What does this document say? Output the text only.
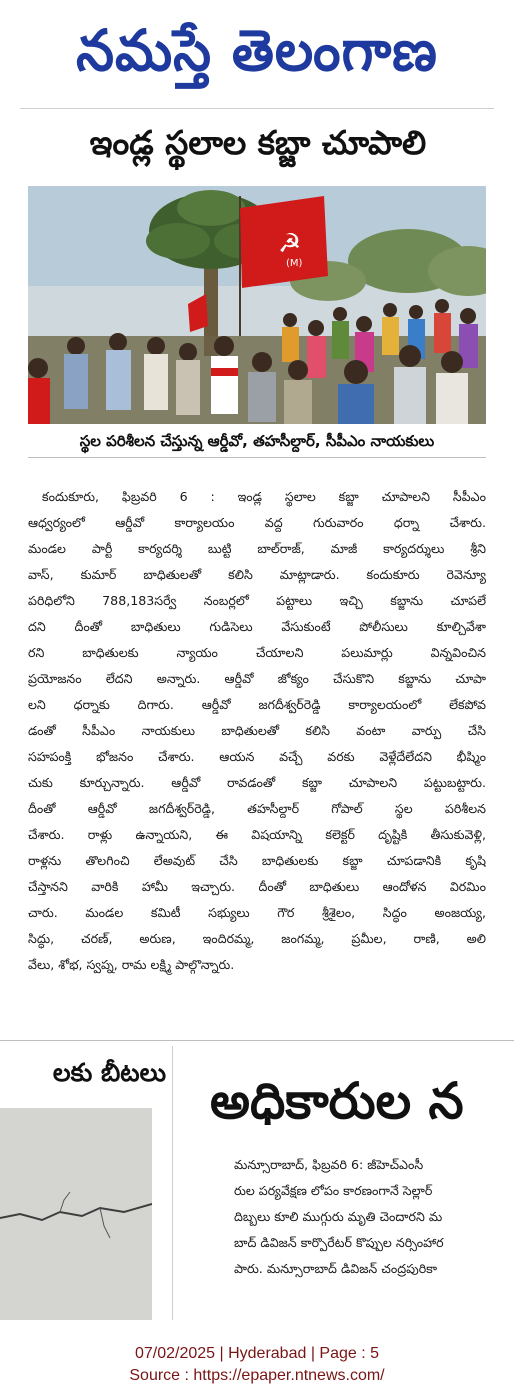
నమస్తే తెలంగాణ
ఇండ్ల స్థలాల కబ్జా చూపాలి
☭
(M)
స్థల పరిశీలన చేస్తున్న ఆర్డీవో, తహసీల్దార్, సీపీఎం నాయకులు
కందుకూరు, ఫిబ్రవరి 6 : ఇండ్ల స్థలాల కబ్జా చూపాలని సీపీఎం
ఆధ్వర్యంలో ఆర్డీవో కార్యాలయం వద్ద గురువారం ధర్నా చేశారు.
మండల పార్టీ కార్యదర్శి బుట్టి బాల్‌రాజ్, మాజీ కార్యదర్శులు శ్రీని
వాస్, కుమార్ బాధితులతో కలిసి మాట్లాడారు. కందుకూరు రెవెన్యూ
పరిధిలోని 788,183సర్వే నంబర్లలో పట్టాలు ఇచ్చి కబ్జాను చూపలే
దని దీంతో బాధితులు గుడిసెలు వేసుకుంటే పోలీసులు కూల్చివేశా
రని బాధితులకు న్యాయం చేయాలని పలుమార్లు విన్నవించిన
ప్రయోజనం లేదని అన్నారు. ఆర్డీవో జోక్యం చేసుకొని కబ్జాను చూపా
లని ధర్నాకు దిగారు. ఆర్డీవో జగదీశ్వర్‌రెడ్డి కార్యాలయంలో లేకపోవ
డంతో సీపీఎం నాయకులు బాధితులతో కలిసి వంటా వార్పు చేసి
సహపంక్తి భోజనం చేశారు. ఆయన వచ్చే వరకు వెళ్లేదేలేదని భీష్మిం
చుకు కూర్చున్నారు. ఆర్డీవో రావడంతో కబ్జా చూపాలని పట్టుబట్టారు.
దీంతో ఆర్డీవో జగదీశ్వర్‌రెడ్డి, తహసీల్దార్ గోపాల్ స్థల పరిశీలన
చేశారు. రాళ్లు ఉన్నాయని, ఈ విషయాన్ని కలెక్టర్ దృష్టికి తీసుకువెళ్లి,
రాళ్లను తొలగించి లేఅవుట్ చేసి బాధితులకు కబ్జా చూపడానికి కృషి
చేస్తానని వారికి హామీ ఇచ్చారు. దీంతో బాధితులు ఆందోళన విరమిం
చారు. మండల కమిటీ సభ్యులు గౌర శ్రీశైలం, సిద్ధం అంజయ్య,
సిద్ధు, చరణ్, అరుణ, ఇందిరమ్మ, జంగమ్మ, ప్రమీల, రాణి, అలి
వేలు, శోభ, స్వప్న, రామ లక్ష్మి పాల్గొన్నారు.
లకు బీటలు అధికారుల న
మన్సూరాబాద్, ఫిబ్రవరి 6: జీహెచ్‌ఎంసీ
రుల పర్యవేక్షణ లోపం కారణంగానే సెల్లార్
దిబ్బలు కూలి ముగ్గురు మృతి చెందారని మ
బాద్ డివిజన్ కార్పొరేటర్ కొప్పుల నర్సింహార
పారు. మన్సూరాబాద్ డివిజన్ చంద్రపురికా
07/02/2025 | Hyderabad | Page : 5
Source : https://epaper.ntnews.com/
